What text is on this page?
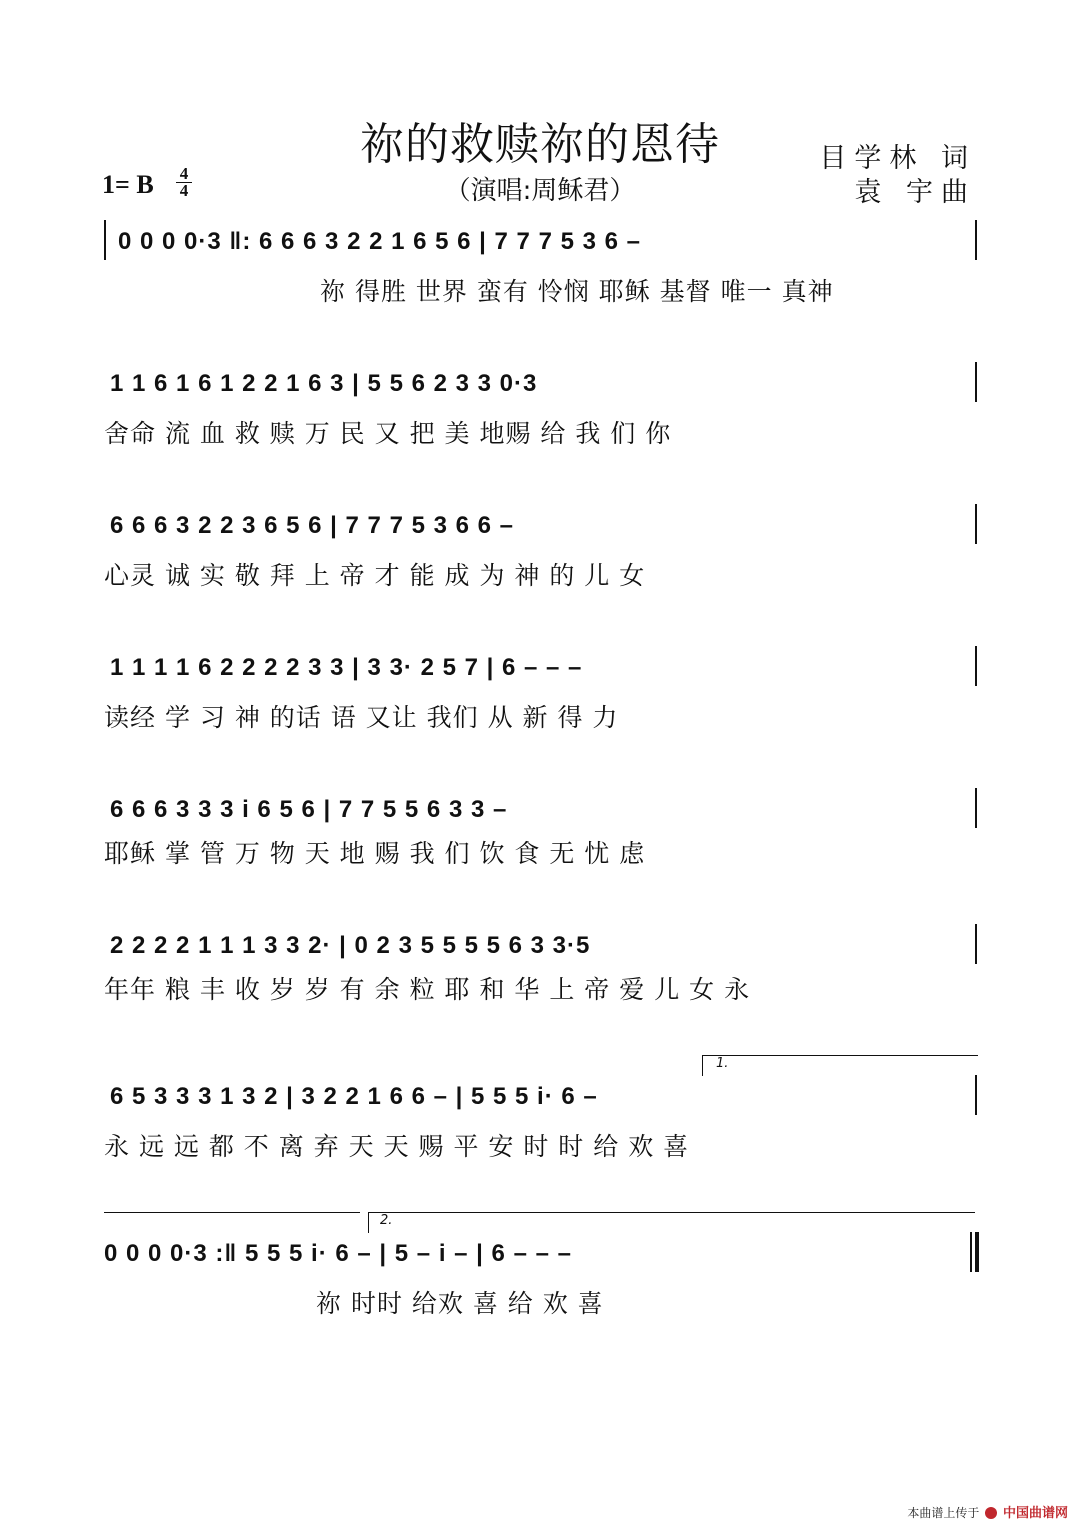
祢的救赎祢的恩待
（演唱:周稣君）
目学林 词
袁 宇曲
1= B 4
4
0 0 0 0·3 ‖: 6 6 6 3 2 2 1 6 5 6 | 7 7 7 5 3 6 –
祢 得胜 世界 蛮有 怜悯 耶稣 基督 唯一 真神
1 1 6 1 6 1 2 2 1 6 3 | 5 5 6 2 3 3 0·3
舍命 流 血 救 赎 万 民 又 把 美 地赐 给 我 们 你
6 6 6 3 2 2 3 6 5 6 | 7 7 7 5 3 6 6 –
心灵 诚 实 敬 拜 上 帝 才 能 成 为 神 的 儿 女
1 1 1 1 6 2 2 2 2 3 3 | 3 3· 2 5 7 | 6 – – –
读经 学 习 神 的话 语 又让 我们 从 新 得 力
6 6 6 3 3 3 i 6 5 6 | 7 7 5 5 6 3 3 –
耶稣 掌 管 万 物 天 地 赐 我 们 饮 食 无 忧 虑
2 2 2 2 1 1 1 3 3 2· | 0 2 3 5 5 5 5 6 3 3·5
年年 粮 丰 收 岁 岁 有 余 粒 耶 和 华 上 帝 爱 儿 女 永
1.
6 5 3 3 3 1 3 2 | 3 2 2 1 6 6 – | 5 5 5 i· 6 –
永 远 远 都 不 离 弃 天 天 赐 平 安 时 时 给 欢 喜
2.
0 0 0 0·3 :‖ 5 5 5 i· 6 – | 5 – i – | 6 – – –
祢 时时 给欢 喜 给 欢 喜
本曲谱上传于 中国曲谱网
